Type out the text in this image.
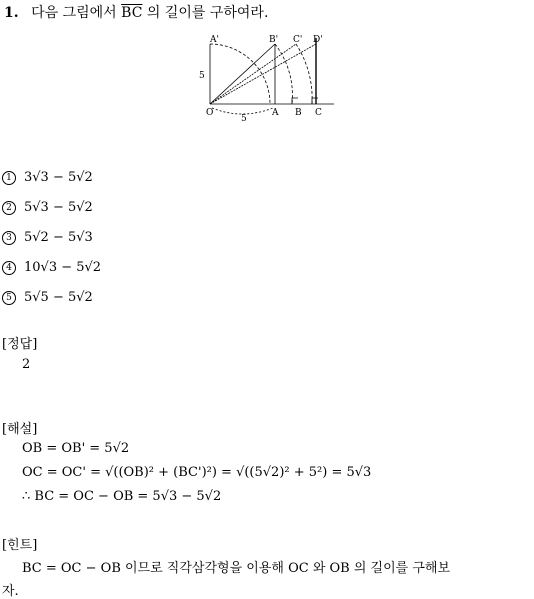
1. 다음 그림에서 $\overline{BC}$ 의 길이를 구하여라.
A'	B' C' D'
5
O	A B C
5
1 3√3 − 5√2
2 5√3 − 5√2
3 5√2 − 5√3
4 10√3 − 5√2
5 5√5 − 5√2
[정답]
2
[해설]
OB = OB' = 5√2
OC = OC' = √((OB)² + (BC')²) = √((5√2)² + 5²) = 5√3
∴ BC = OC − OB = 5√3 − 5√2
[힌트]
BC = OC − OB 이므로 직각삼각형을 이용해 OC 와 OB 의 길이를 구해보
자.
